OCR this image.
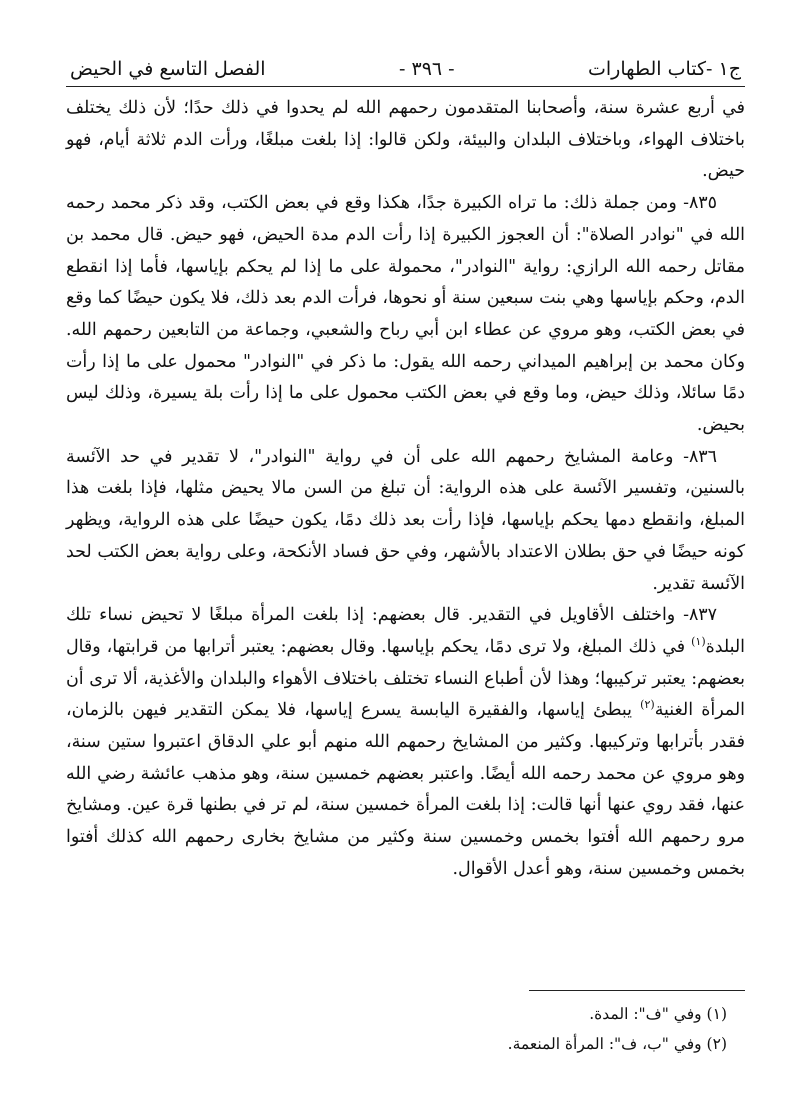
ج١ -كتاب الطهارات
- ٣٩٦ -
الفصل التاسع في الحيض

في أربع عشرة سنة، وأصحابنا المتقدمون رحمهم الله لم يحدوا في ذلك حدًا؛ لأن ذلك يختلف باختلاف الهواء، وباختلاف البلدان والبيئة، ولكن قالوا: إذا بلغت مبلغًا، ورأت الدم ثلاثة أيام، فهو حيض.

٨٣٥- ومن جملة ذلك: ما تراه الكبيرة جدًا، هكذا وقع في بعض الكتب، وقد ذكر محمد رحمه الله في "نوادر الصلاة": أن العجوز الكبيرة إذا رأت الدم مدة الحيض، فهو حيض. قال محمد بن مقاتل رحمه الله الرازي: رواية "النوادر"، محمولة على ما إذا لم يحكم بإياسها، فأما إذا انقطع الدم، وحكم بإياسها وهي بنت سبعين سنة أو نحوها، فرأت الدم بعد ذلك، فلا يكون حيضًا كما وقع في بعض الكتب، وهو مروي عن عطاء ابن أبي رباح والشعبي، وجماعة من التابعين رحمهم الله. وكان محمد بن إبراهيم الميداني رحمه الله يقول: ما ذكر في "النوادر" محمول على ما إذا رأت دمًا سائلا، وذلك حيض، وما وقع في بعض الكتب محمول على ما إذا رأت بلة يسيرة، وذلك ليس بحيض.

٨٣٦- وعامة المشايخ رحمهم الله على أن في رواية "النوادر"، لا تقدير في حد الآئسة بالسنين، وتفسير الآئسة على هذه الرواية: أن تبلغ من السن مالا يحيض مثلها، فإذا بلغت هذا المبلغ، وانقطع دمها يحكم بإياسها، فإذا رأت بعد ذلك دمًا، يكون حيضًا على هذه الرواية، ويظهر كونه حيضًا في حق بطلان الاعتداد بالأشهر، وفي حق فساد الأنكحة، وعلى رواية بعض الكتب لحد الآئسة تقدير.

٨٣٧- واختلف الأقاويل في التقدير. قال بعضهم: إذا بلغت المرأة مبلغًا لا تحيض نساء تلك البلدة$^{(١)}$ في ذلك المبلغ، ولا ترى دمًا، يحكم بإياسها. وقال بعضهم: يعتبر أترابها من قرابتها، وقال بعضهم: يعتبر تركيبها؛ وهذا لأن أطباع النساء تختلف باختلاف الأهواء والبلدان والأغذية، ألا ترى أن المرأة الغنية$^{(٢)}$ يبطئ إياسها، والفقيرة اليابسة يسرع إياسها، فلا يمكن التقدير فيهن بالزمان، فقدر بأترابها وتركيبها. وكثير من المشايخ رحمهم الله منهم أبو علي الدقاق اعتبروا ستين سنة، وهو مروي عن محمد رحمه الله أيضًا. واعتبر بعضهم خمسين سنة، وهو مذهب عائشة رضي الله عنها، فقد روي عنها أنها قالت: إذا بلغت المرأة خمسين سنة، لم تر في بطنها قرة عين. ومشايخ مرو رحمهم الله أفتوا بخمس وخمسين سنة وكثير من مشايخ بخارى رحمهم الله كذلك أفتوا بخمس وخمسين سنة، وهو أعدل الأقوال.

(١) وفي "ف": المدة.

(٢) وفي "ب، ف": المرأة المنعمة.
